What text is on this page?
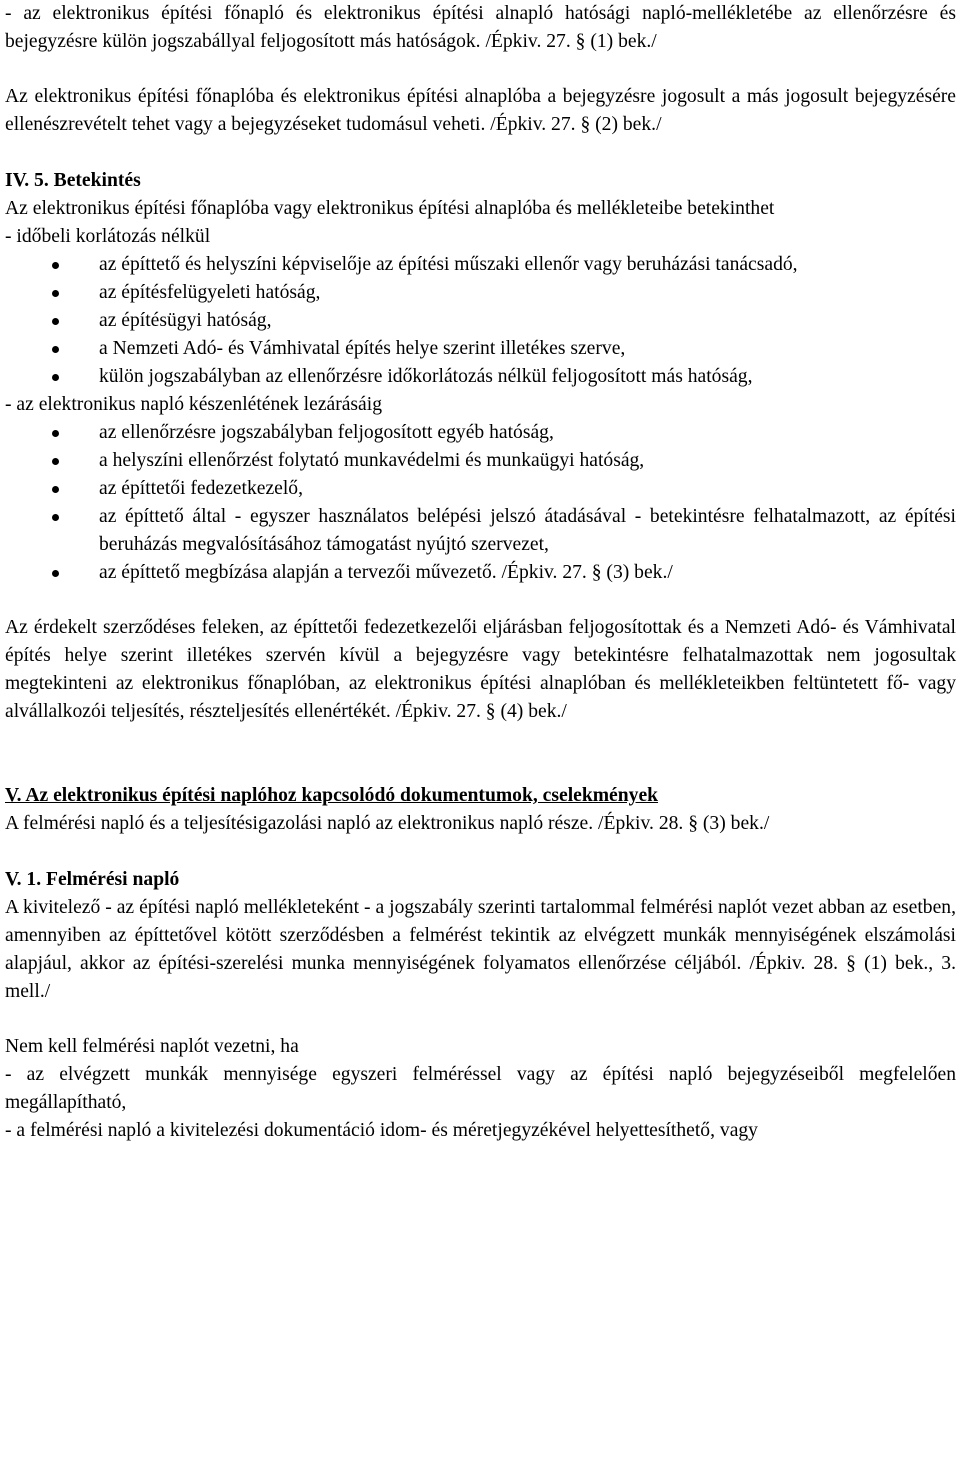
- az elektronikus építési főnapló és elektronikus építési alnapló hatósági napló-mellékletébe az ellenőrzésre és bejegyzésre külön jogszabállyal feljogosított más hatóságok. /Épkiv. 27. § (1) bek./

Az elektronikus építési főnaplóba és elektronikus építési alnaplóba a bejegyzésre jogosult a más jogosult bejegyzésére ellenészrevételt tehet vagy a bejegyzéseket tudomásul veheti. /Épkiv. 27. § (2) bek./

IV. 5. Betekintés

Az elektronikus építési főnaplóba vagy elektronikus építési alnaplóba és mellékleteibe betekinthet

- időbeli korlátozás nélkül

az építtető és helyszíni képviselője az építési műszaki ellenőr vagy beruházási tanácsadó,
az építésfelügyeleti hatóság,
az építésügyi hatóság,
a Nemzeti Adó- és Vámhivatal építés helye szerint illetékes szerve,
külön jogszabályban az ellenőrzésre időkorlátozás nélkül feljogosított más hatóság,

- az elektronikus napló készenlétének lezárásáig

az ellenőrzésre jogszabályban feljogosított egyéb hatóság,
a helyszíni ellenőrzést folytató munkavédelmi és munkaügyi hatóság,
az építtetői fedezetkezelő,
az építtető által - egyszer használatos belépési jelszó átadásával - betekintésre felhatalmazott, az építési beruházás megvalósításához támogatást nyújtó szervezet,
az építtető megbízása alapján a tervezői művezető. /Épkiv. 27. § (3) bek./

Az érdekelt szerződéses feleken, az építtetői fedezetkezelői eljárásban feljogosítottak és a Nemzeti Adó- és Vámhivatal építés helye szerint illetékes szervén kívül a bejegyzésre vagy betekintésre felhatalmazottak nem jogosultak megtekinteni az elektronikus főnaplóban, az elektronikus építési alnaplóban és mellékleteikben feltüntetett fő- vagy alvállalkozói teljesítés, részteljesítés ellenértékét. /Épkiv. 27. § (4) bek./

V. Az elektronikus építési naplóhoz kapcsolódó dokumentumok, cselekmények

A felmérési napló és a teljesítésigazolási napló az elektronikus napló része. /Épkiv. 28. § (3) bek./

V. 1. Felmérési napló

A kivitelező - az építési napló mellékleteként - a jogszabály szerinti tartalommal felmérési naplót vezet abban az esetben, amennyiben az építtetővel kötött szerződésben a felmérést tekintik az elvégzett munkák mennyiségének elszámolási alapjául, akkor az építési-szerelési munka mennyiségének folyamatos ellenőrzése céljából. /Épkiv. 28. § (1) bek., 3. mell./

Nem kell felmérési naplót vezetni, ha

- az elvégzett munkák mennyisége egyszeri felméréssel vagy az építési napló bejegyzéseiből megfelelően megállapítható,

- a felmérési napló a kivitelezési dokumentáció idom- és méretjegyzékével helyettesíthető, vagy
